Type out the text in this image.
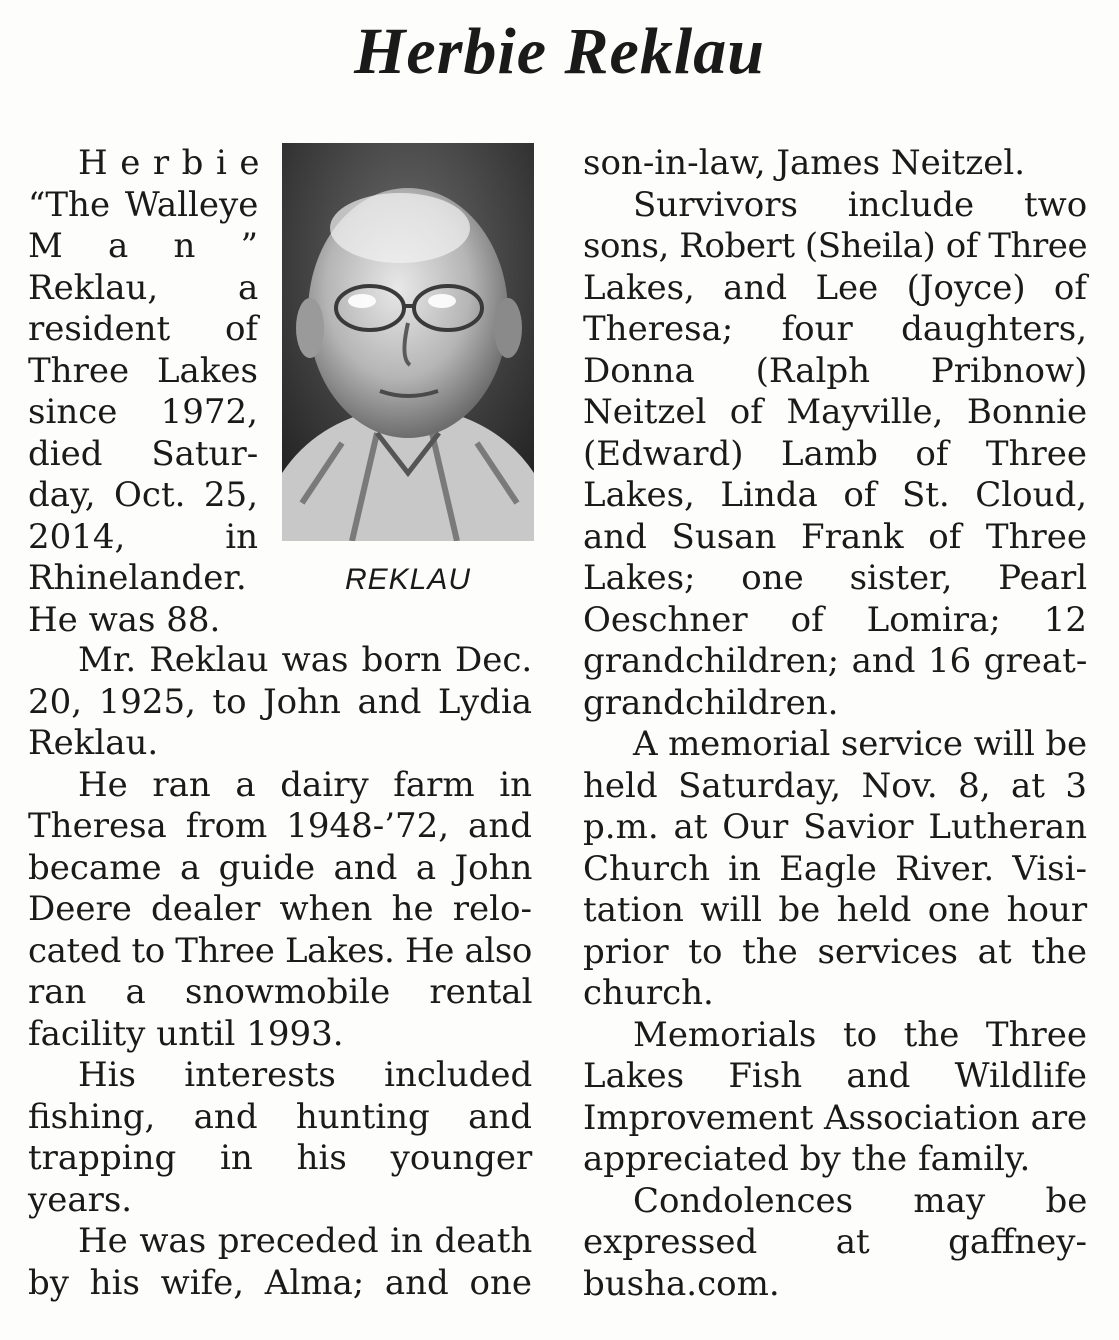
Herbie Reklau
REKLAU
H e r b i e
“The Walleye
M a n ”
Reklau, a
resident of
Three Lakes
since 1972,
died Satur-
day, Oct. 25,
2014, in
Rhinelander.
He was 88.
Mr. Reklau was born Dec.
20, 1925, to John and Lydia
Reklau.
He ran a dairy farm in
Theresa from 1948-’72, and
became a guide and a John
Deere dealer when he relo-
cated to Three Lakes. He also
ran a snowmobile rental
facility until 1993.
His interests included
fishing, and hunting and
trapping in his younger
years.
He was preceded in death
by his wife, Alma; and one
son-in-law, James Neitzel.
Survivors include two
sons, Robert (Sheila) of Three
Lakes, and Lee (Joyce) of
Theresa; four daughters,
Donna (Ralph Pribnow)
Neitzel of Mayville, Bonnie
(Edward) Lamb of Three
Lakes, Linda of St. Cloud,
and Susan Frank of Three
Lakes; one sister, Pearl
Oeschner of Lomira; 12
grandchildren; and 16 great-
grandchildren.
A memorial service will be
held Saturday, Nov. 8, at 3
p.m. at Our Savior Lutheran
Church in Eagle River. Visi-
tation will be held one hour
prior to the services at the
church.
Memorials to the Three
Lakes Fish and Wildlife
Improvement Association are
appreciated by the family.
Condolences may be
expressed at gaffney-
busha.com.
